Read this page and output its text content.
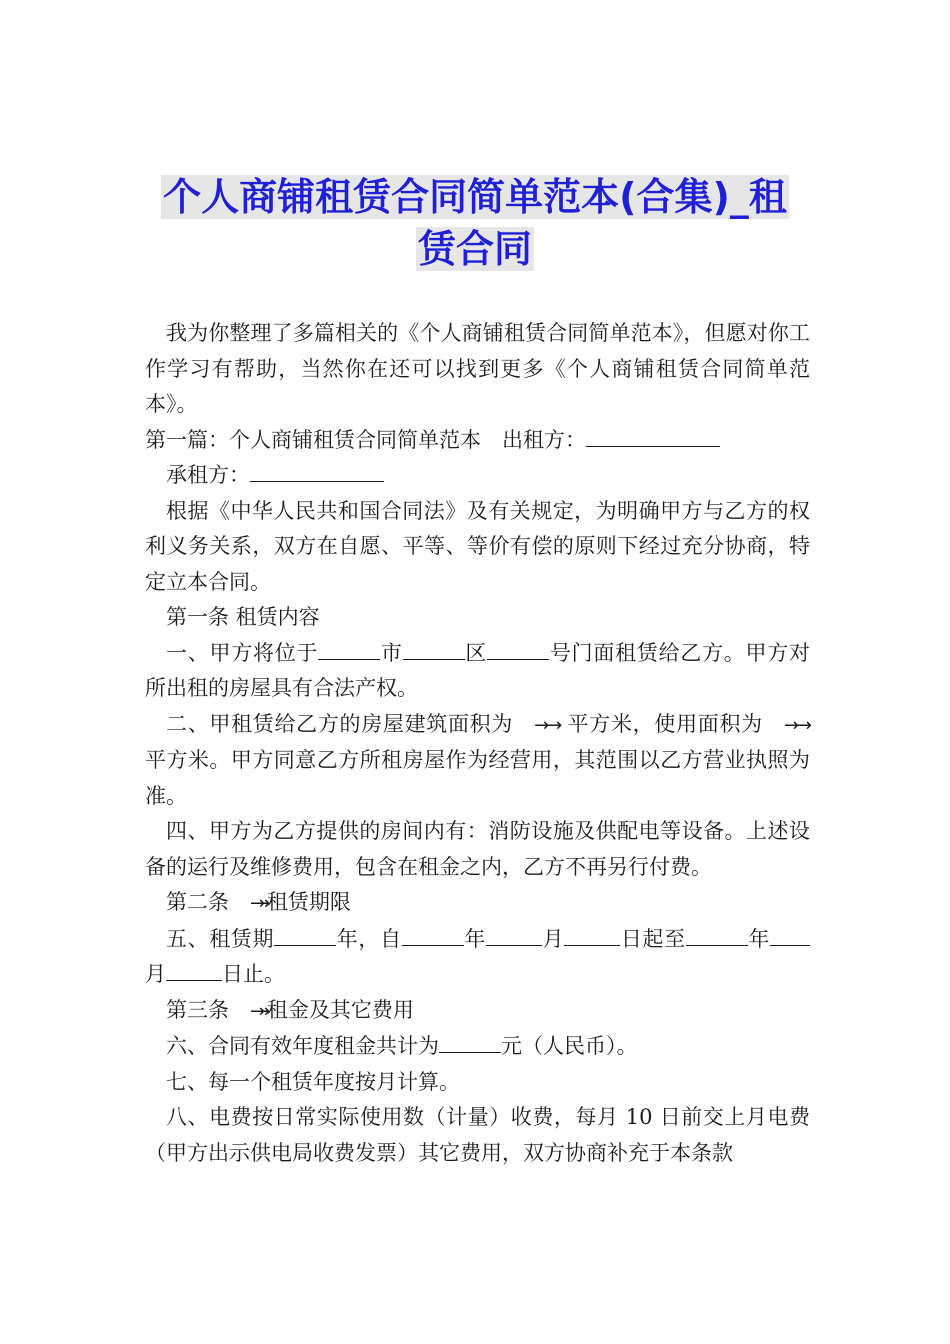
个人商铺租赁合同简单范本(合集)_租
赁合同

我为你整理了多篇相关的《个人商铺租赁合同简单范本》，但愿对你工作学习有帮助，当然你在还可以找到更多《个人商铺租赁合同简单范本》。

第一篇：个人商铺租赁合同简单范本　出租方：

承租方：

根据《中华人民共和国合同法》及有关规定，为明确甲方与乙方的权利义务关系，双方在自愿、平等、等价有偿的原则下经过充分协商，特定立本合同。

第一条 租赁内容

一、甲方将位于	市	区	号门面租赁给乙方。甲方对所出租的房屋具有合法产权。

二、甲租赁给乙方的房屋建筑面积为 →→ 平方米，使用面积为 →→ 平方米。甲方同意乙方所租房屋作为经营用，其范围以乙方营业执照为准。

四、甲方为乙方提供的房间内有：消防设施及供配电等设备。上述设备的运行及维修费用，包含在租金之内，乙方不再另行付费。

第二条 →→ 租赁期限

五、租赁期	年，自	年	月	日起至	年月	日止。

第三条 →→ 租金及其它费用

六、合同有效年度租金共计为	元（人民币）。

七、每一个租赁年度按月计算。

八、电费按日常实际使用数（计量）收费，每月 10 日前交上月电费（甲方出示供电局收费发票）其它费用，双方协商补充于本条款
